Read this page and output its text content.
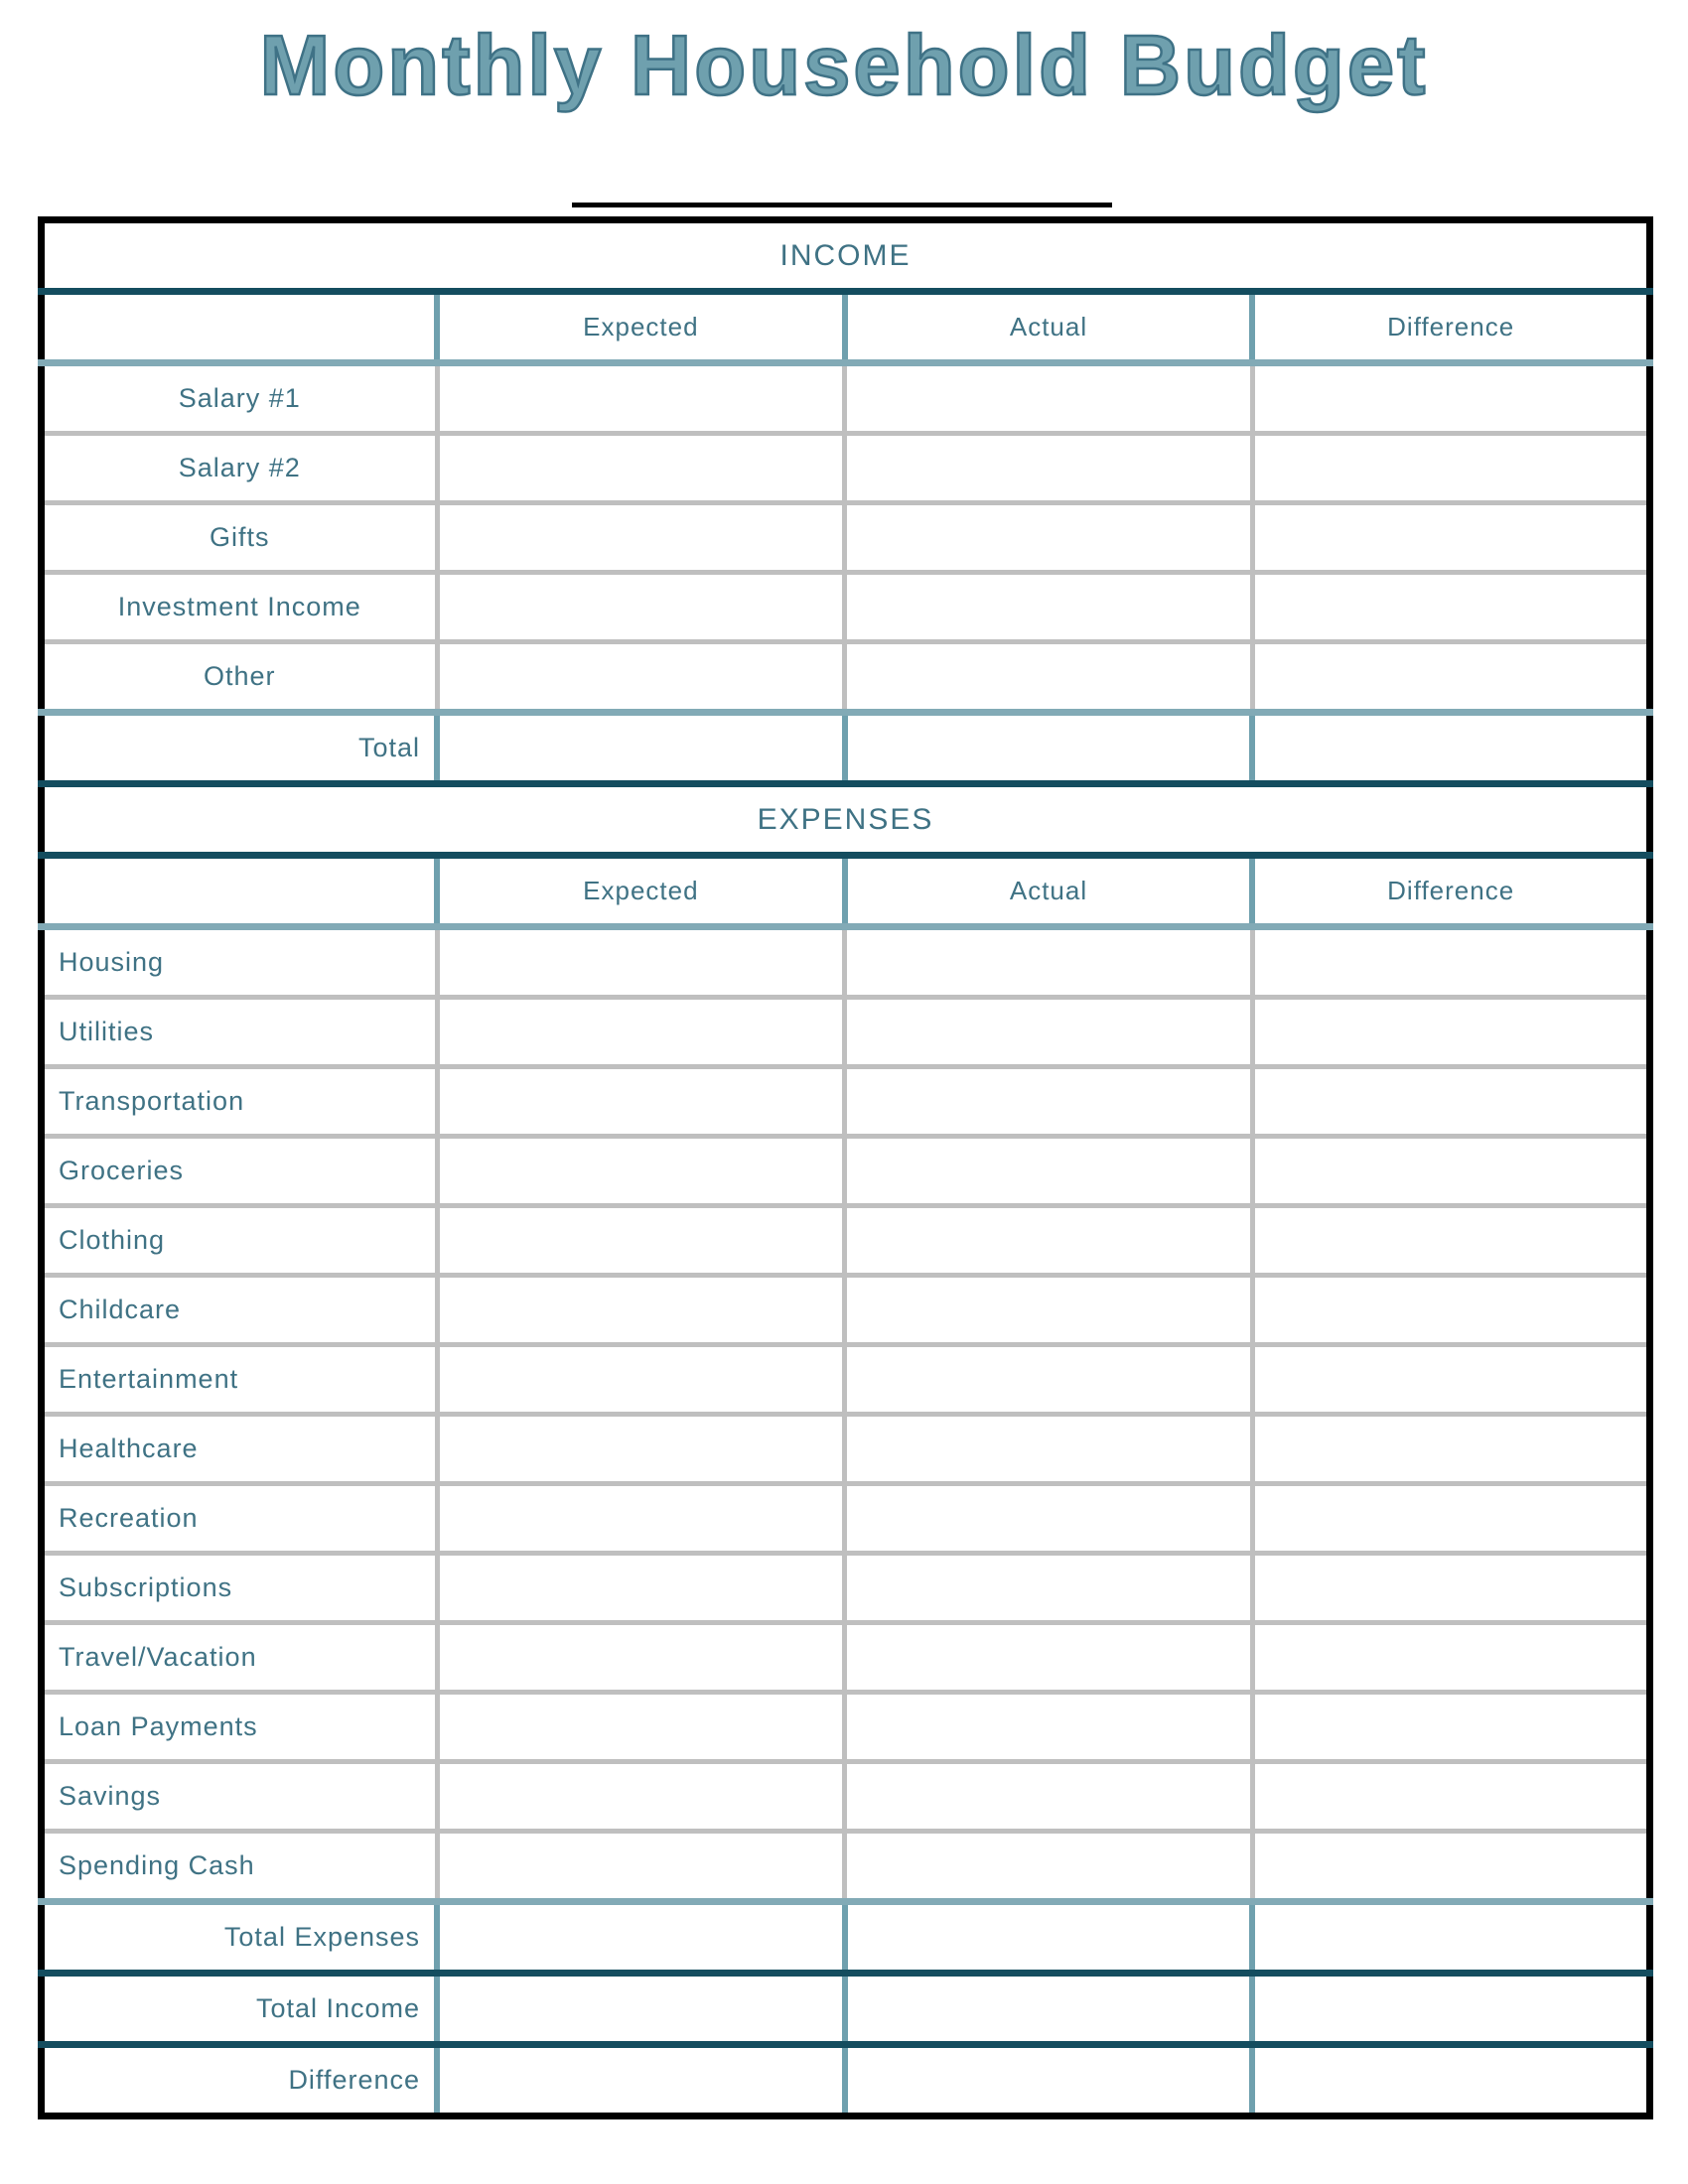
Monthly Household Budget
INCOME			
	Expected	Actual	Difference
Salary #1			
Salary #2			
Gifts			
Investment Income			
Other			
Total			
EXPENSES			
	Expected	Actual	Difference
Housing			
Utilities			
Transportation			
Groceries			
Clothing			
Childcare			
Entertainment			
Healthcare			
Recreation			
Subscriptions			
Travel/Vacation			
Loan Payments			
Savings			
Spending Cash			
Total Expenses			
Total Income			
Difference			
